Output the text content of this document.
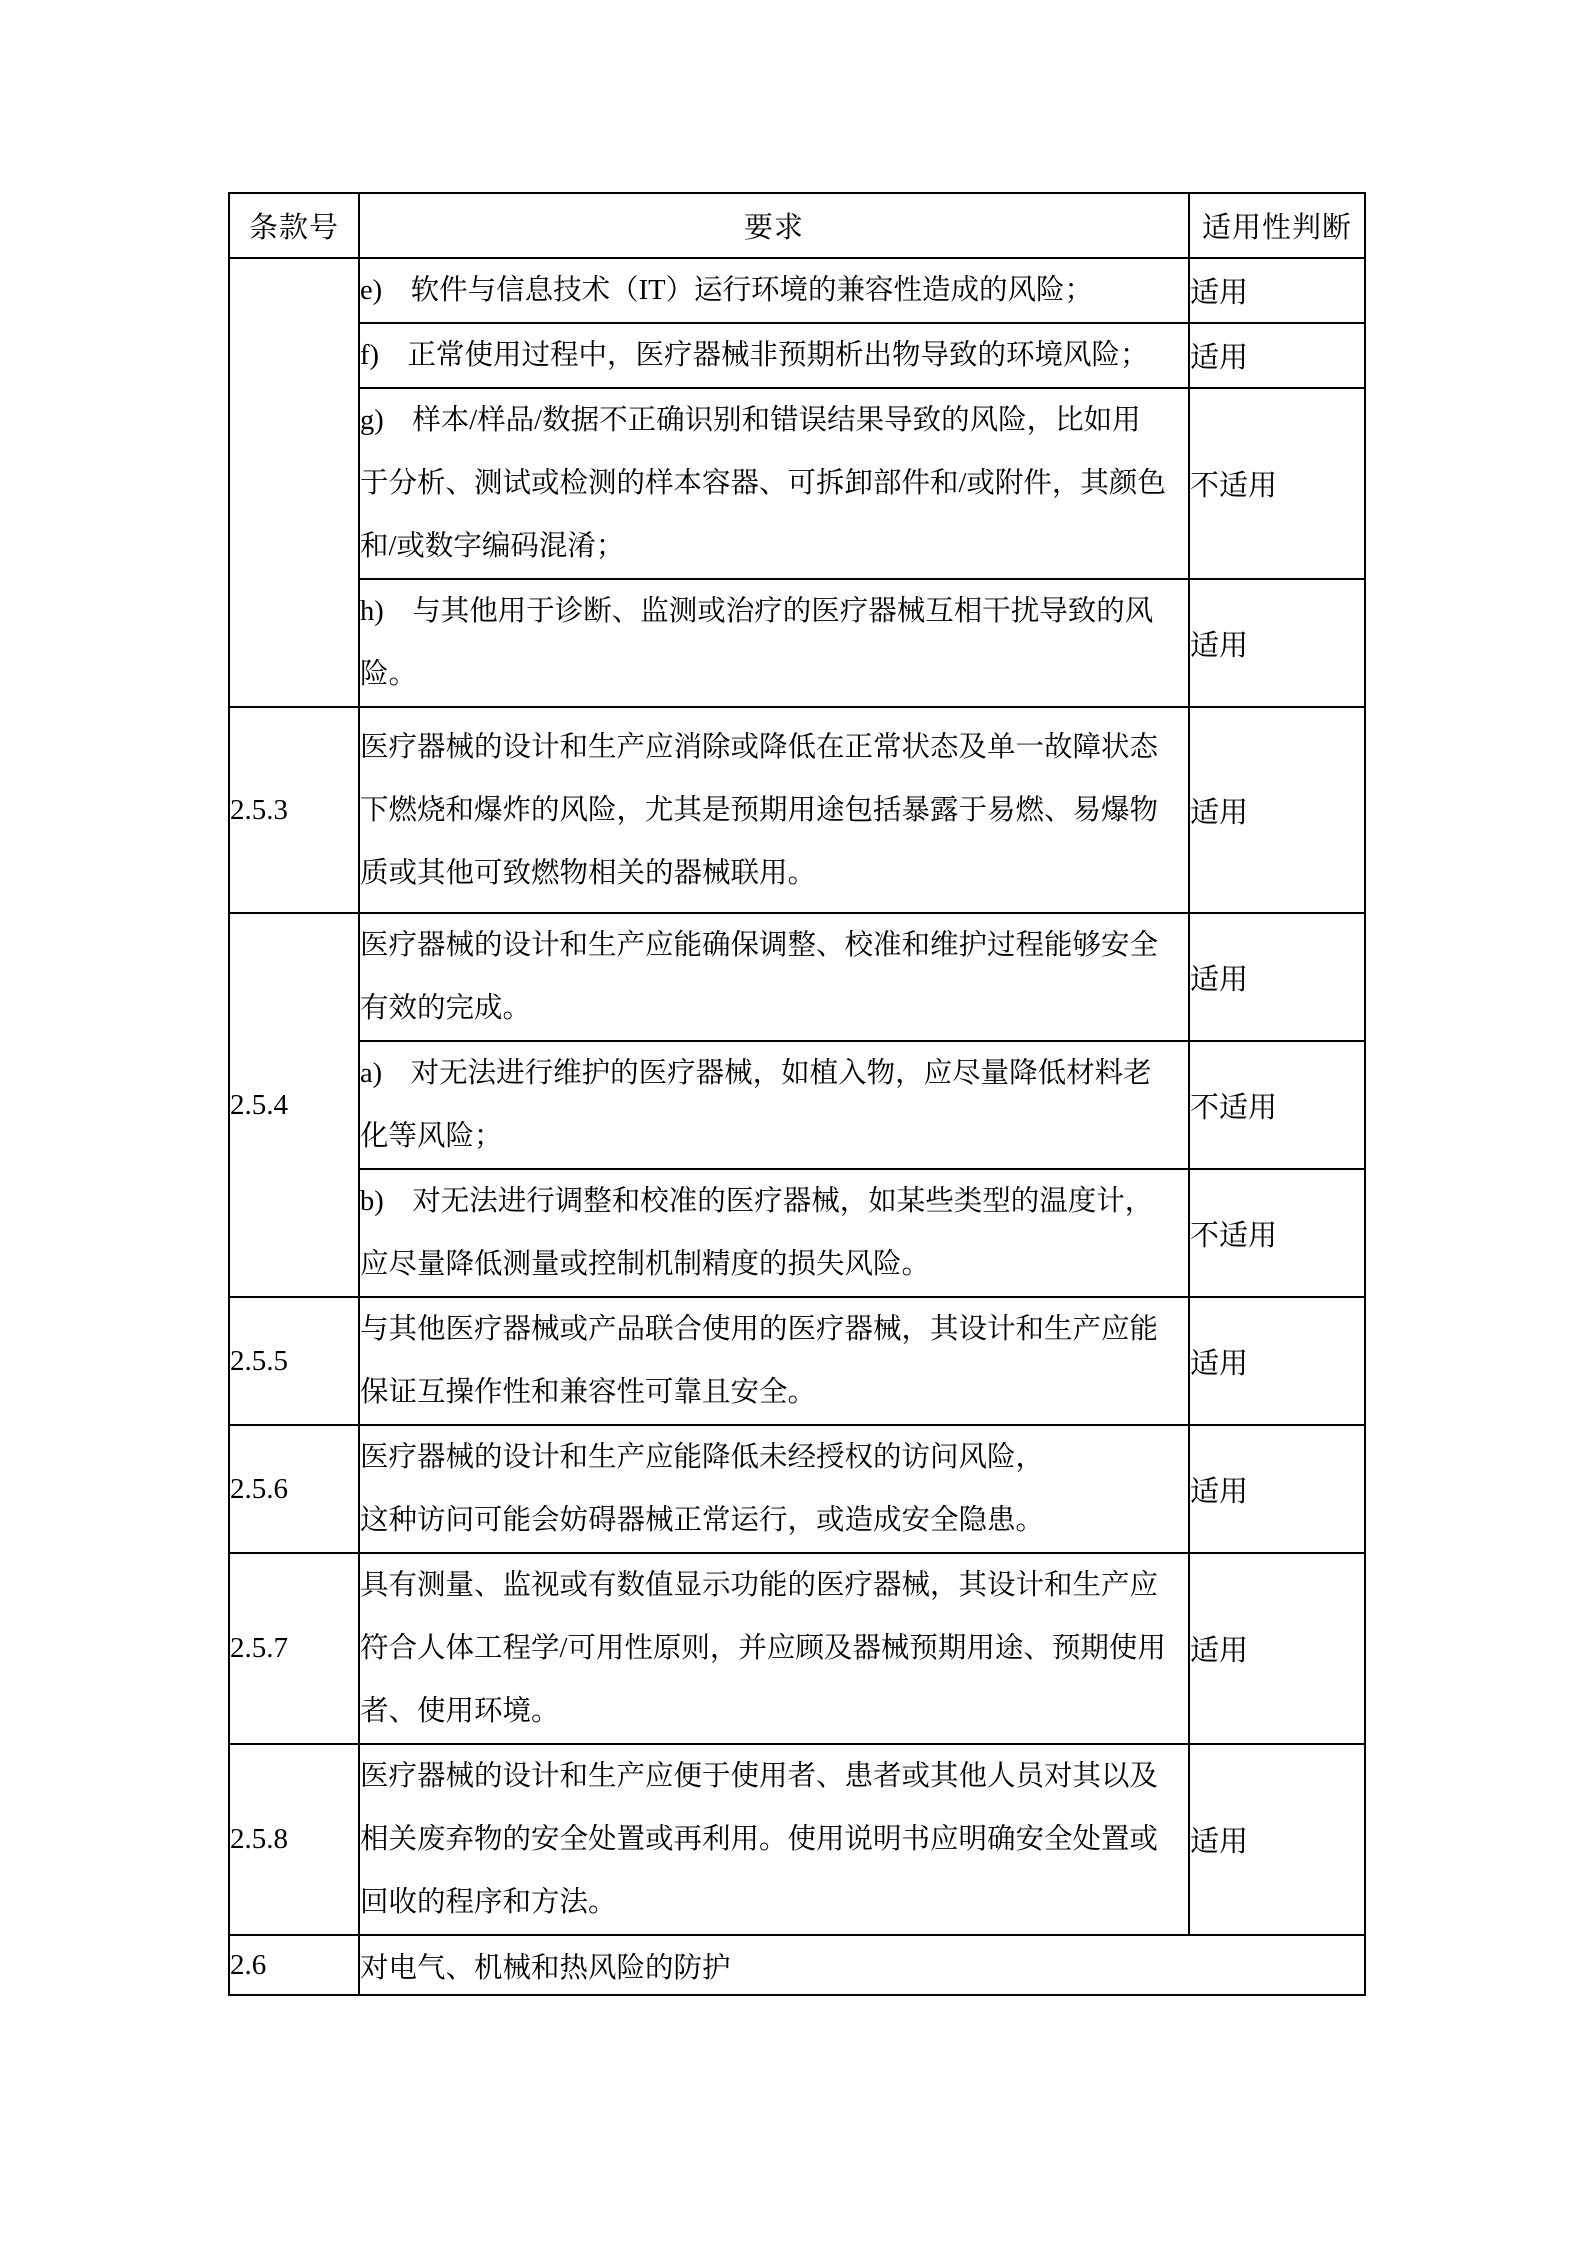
条款号	要求	适用性判断

	e)　软件与信息技术（IT）运行环境的兼容性造成的风险；	适用

	f)　正常使用过程中，医疗器械非预期析出物导致的环境风险；	适用

	g)　样本/样品/数据不正确识别和错误结果导致的风险，比如用
于分析、测试或检测的样本容器、可拆卸部件和/或附件，其颜色
和/或数字编码混淆；	不适用

	h)　与其他用于诊断、监测或治疗的医疗器械互相干扰导致的风
险。	适用
2.5.3	医疗器械的设计和生产应消除或降低在正常状态及单一故障状态
下燃烧和爆炸的风险，尤其是预期用途包括暴露于易燃、易爆物
质或其他可致燃物相关的器械联用。	适用
2.5.4	医疗器械的设计和生产应能确保调整、校准和维护过程能够安全
有效的完成。	适用

	a)　对无法进行维护的医疗器械，如植入物，应尽量降低材料老
化等风险；	不适用

	b)　对无法进行调整和校准的医疗器械，如某些类型的温度计，
应尽量降低测量或控制机制精度的损失风险。	不适用
2.5.5	与其他医疗器械或产品联合使用的医疗器械，其设计和生产应能
保证互操作性和兼容性可靠且安全。	适用
2.5.6	医疗器械的设计和生产应能降低未经授权的访问风险，
这种访问可能会妨碍器械正常运行，或造成安全隐患。	适用
2.5.7	具有测量、监视或有数值显示功能的医疗器械，其设计和生产应
符合人体工程学/可用性原则，并应顾及器械预期用途、预期使用
者、使用环境。	适用
2.5.8	医疗器械的设计和生产应便于使用者、患者或其他人员对其以及
相关废弃物的安全处置或再利用。使用说明书应明确安全处置或
回收的程序和方法。	适用
2.6	对电气、机械和热风险的防护	
